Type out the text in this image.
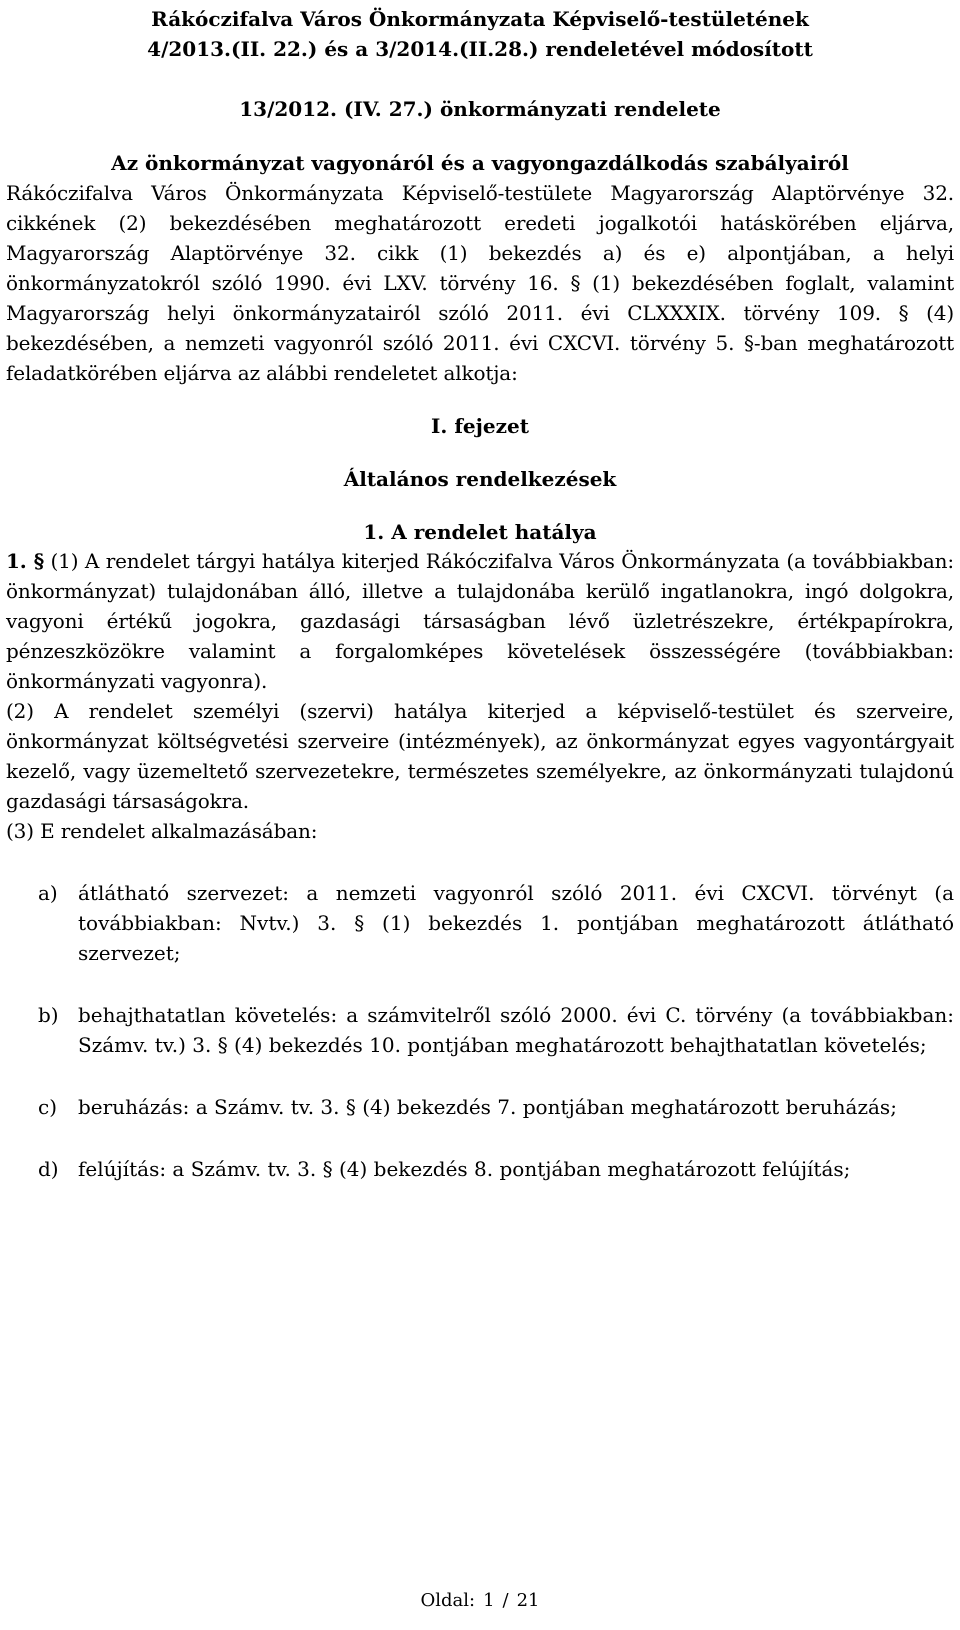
Rákóczifalva Város Önkormányzata Képviselő-testületének

4/2013.(II. 22.) és a 3/2014.(II.28.) rendeletével módosított

13/2012. (IV. 27.) önkormányzati rendelete

Az önkormányzat vagyonáról és a vagyongazdálkodás szabályairól

Rákóczifalva Város Önkormányzata Képviselő-testülete Magyarország Alaptörvénye 32. cikkének (2) bekezdésében meghatározott eredeti jogalkotói hatáskörében eljárva, Magyarország Alaptörvénye 32. cikk (1) bekezdés a) és e) alpontjában, a helyi önkormányzatokról szóló 1990. évi LXV. törvény 16. § (1) bekezdésében foglalt, valamint Magyarország helyi önkormányzatairól szóló 2011. évi CLXXXIX. törvény 109. § (4) bekezdésében, a nemzeti vagyonról szóló 2011. évi CXCVI. törvény 5. §-ban meghatározott feladatkörében eljárva az alábbi rendeletet alkotja:

I. fejezet

Általános rendelkezések

1. A rendelet hatálya

1. § (1) A rendelet tárgyi hatálya kiterjed Rákóczifalva Város Önkormányzata (a továbbiakban: önkormányzat) tulajdonában álló, illetve a tulajdonába kerülő ingatlanokra, ingó dolgokra, vagyoni értékű jogokra, gazdasági társaságban lévő üzletrészekre, értékpapírokra, pénzeszközökre valamint a forgalomképes követelések összességére (továbbiakban: önkormányzati vagyonra).

(2) A rendelet személyi (szervi) hatálya kiterjed a képviselő-testület és szerveire, önkormányzat költségvetési szerveire (intézmények), az önkormányzat egyes vagyontárgyait kezelő, vagy üzemeltető szervezetekre, természetes személyekre, az önkormányzati tulajdonú gazdasági társaságokra.

(3) E rendelet alkalmazásában:

a)	átlátható szervezet: a nemzeti vagyonról szóló 2011. évi CXCVI. törvényt (a továbbiakban: Nvtv.) 3. § (1) bekezdés 1. pontjában meghatározott átlátható szervezet;
b) behajthatatlan követelés: a számvitelről szóló 2000. évi C. törvény (a továbbiakban: Számv. tv.) 3. § (4) bekezdés 10. pontjában meghatározott behajthatatlan követelés;
c)	beruházás: a Számv. tv. 3. § (4) bekezdés 7. pontjában meghatározott beruházás;
d) felújítás: a Számv. tv. 3. § (4) bekezdés 8. pontjában meghatározott felújítás;
Oldal: 1 / 21
